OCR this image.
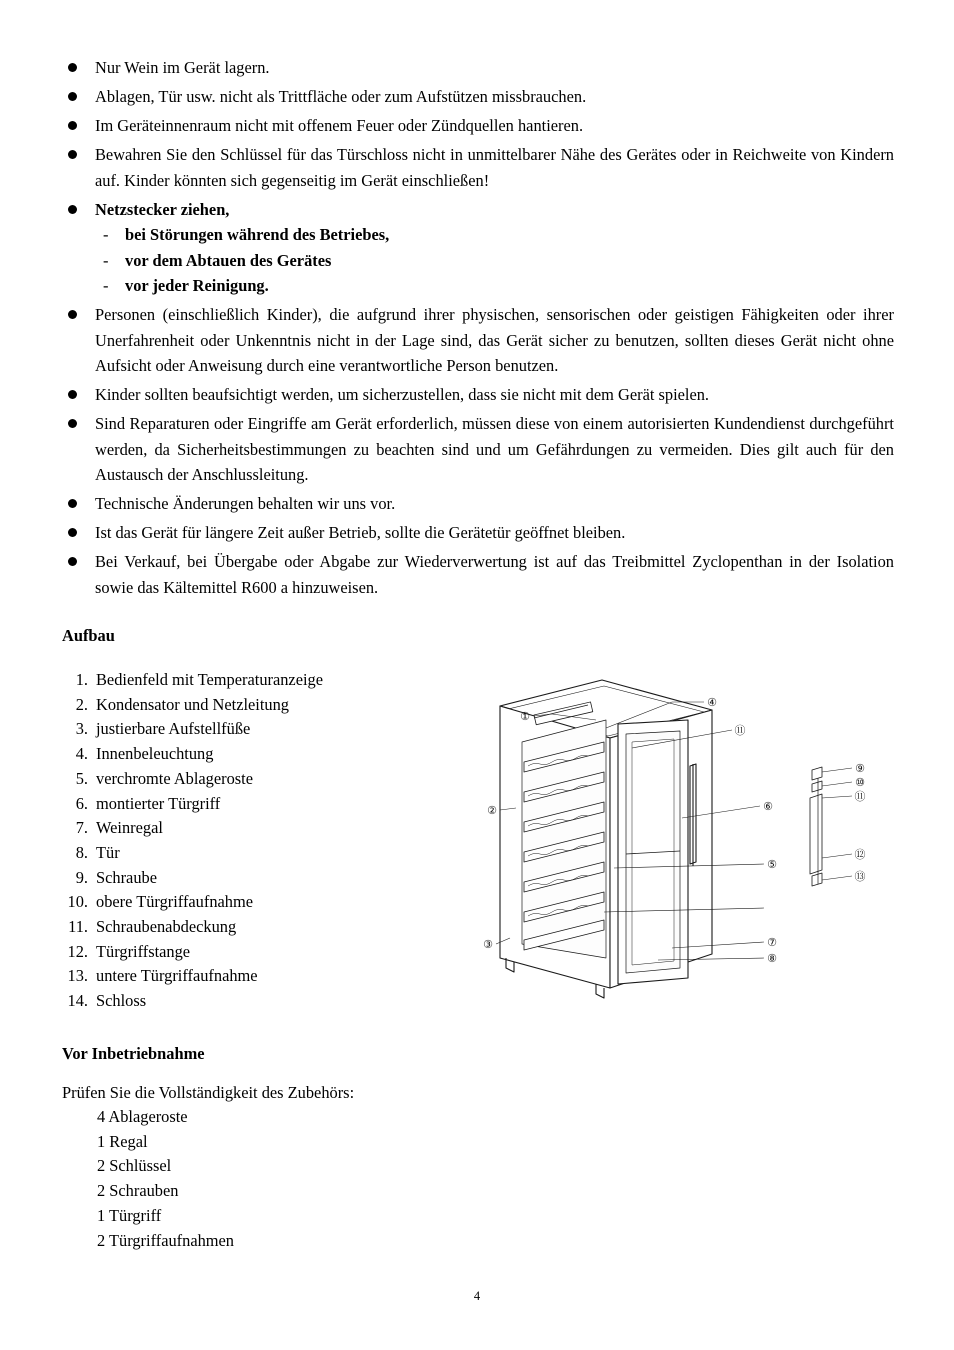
Nur Wein im Gerät lagern.
Ablagen, Tür usw. nicht als Trittfläche oder zum Aufstützen missbrauchen.
Im Geräteinnenraum nicht mit offenem Feuer oder Zündquellen hantieren.
Bewahren Sie den Schlüssel für das Türschloss nicht in unmittelbarer Nähe des Gerätes oder in Reichweite von Kindern auf. Kinder könnten sich gegenseitig im Gerät einschließen!
Netzstecker ziehen,
- bei Störungen während des Betriebes,
- vor dem Abtauen des Gerätes
- vor jeder Reinigung.
Personen (einschließlich Kinder), die aufgrund ihrer physischen, sensorischen oder geistigen Fähigkeiten oder ihrer Unerfahrenheit oder Unkenntnis nicht in der Lage sind, das Gerät sicher zu benutzen, sollten dieses Gerät nicht ohne Aufsicht oder Anweisung durch eine verantwortliche Person benutzen.
Kinder sollten beaufsichtigt werden, um sicherzustellen, dass sie nicht mit dem Gerät spielen.
Sind Reparaturen oder Eingriffe am Gerät erforderlich, müssen diese von einem autorisierten Kundendienst durchgeführt werden, da Sicherheitsbestimmungen zu beachten sind und um Gefährdungen zu vermeiden. Dies gilt auch für den Austausch der Anschlussleitung.
Technische Änderungen behalten wir uns vor.
Ist das Gerät für längere Zeit außer Betrieb, sollte die Gerätetür geöffnet bleiben.
Bei Verkauf, bei Übergabe oder Abgabe zur Wiederverwertung ist auf das Treibmittel Zyclopenthan in der Isolation sowie das Kältemittel R600 a hinzuweisen.
Aufbau
1. Bedienfeld mit Temperaturanzeige
2. Kondensator und Netzleitung
3. justierbare Aufstellfüße
4. Innenbeleuchtung
5. verchromte Ablageroste
6. montierter Türgriff
7. Weinregal
8. Tür
9. Schraube
10. obere Türgriffaufnahme
11. Schraubenabdeckung
12. Türgriffstange
13. untere Türgriffaufnahme
14. Schloss
①
②
③
④
⑤
⑥
⑦
⑧
⑨
⑩
⑪
⑫
⑬
⑪
Vor Inbetriebnahme
Prüfen Sie die Vollständigkeit des Zubehörs:
4 Ablageroste
1 Regal
2 Schlüssel
2 Schrauben
1 Türgriff
2 Türgriffaufnahmen
4
